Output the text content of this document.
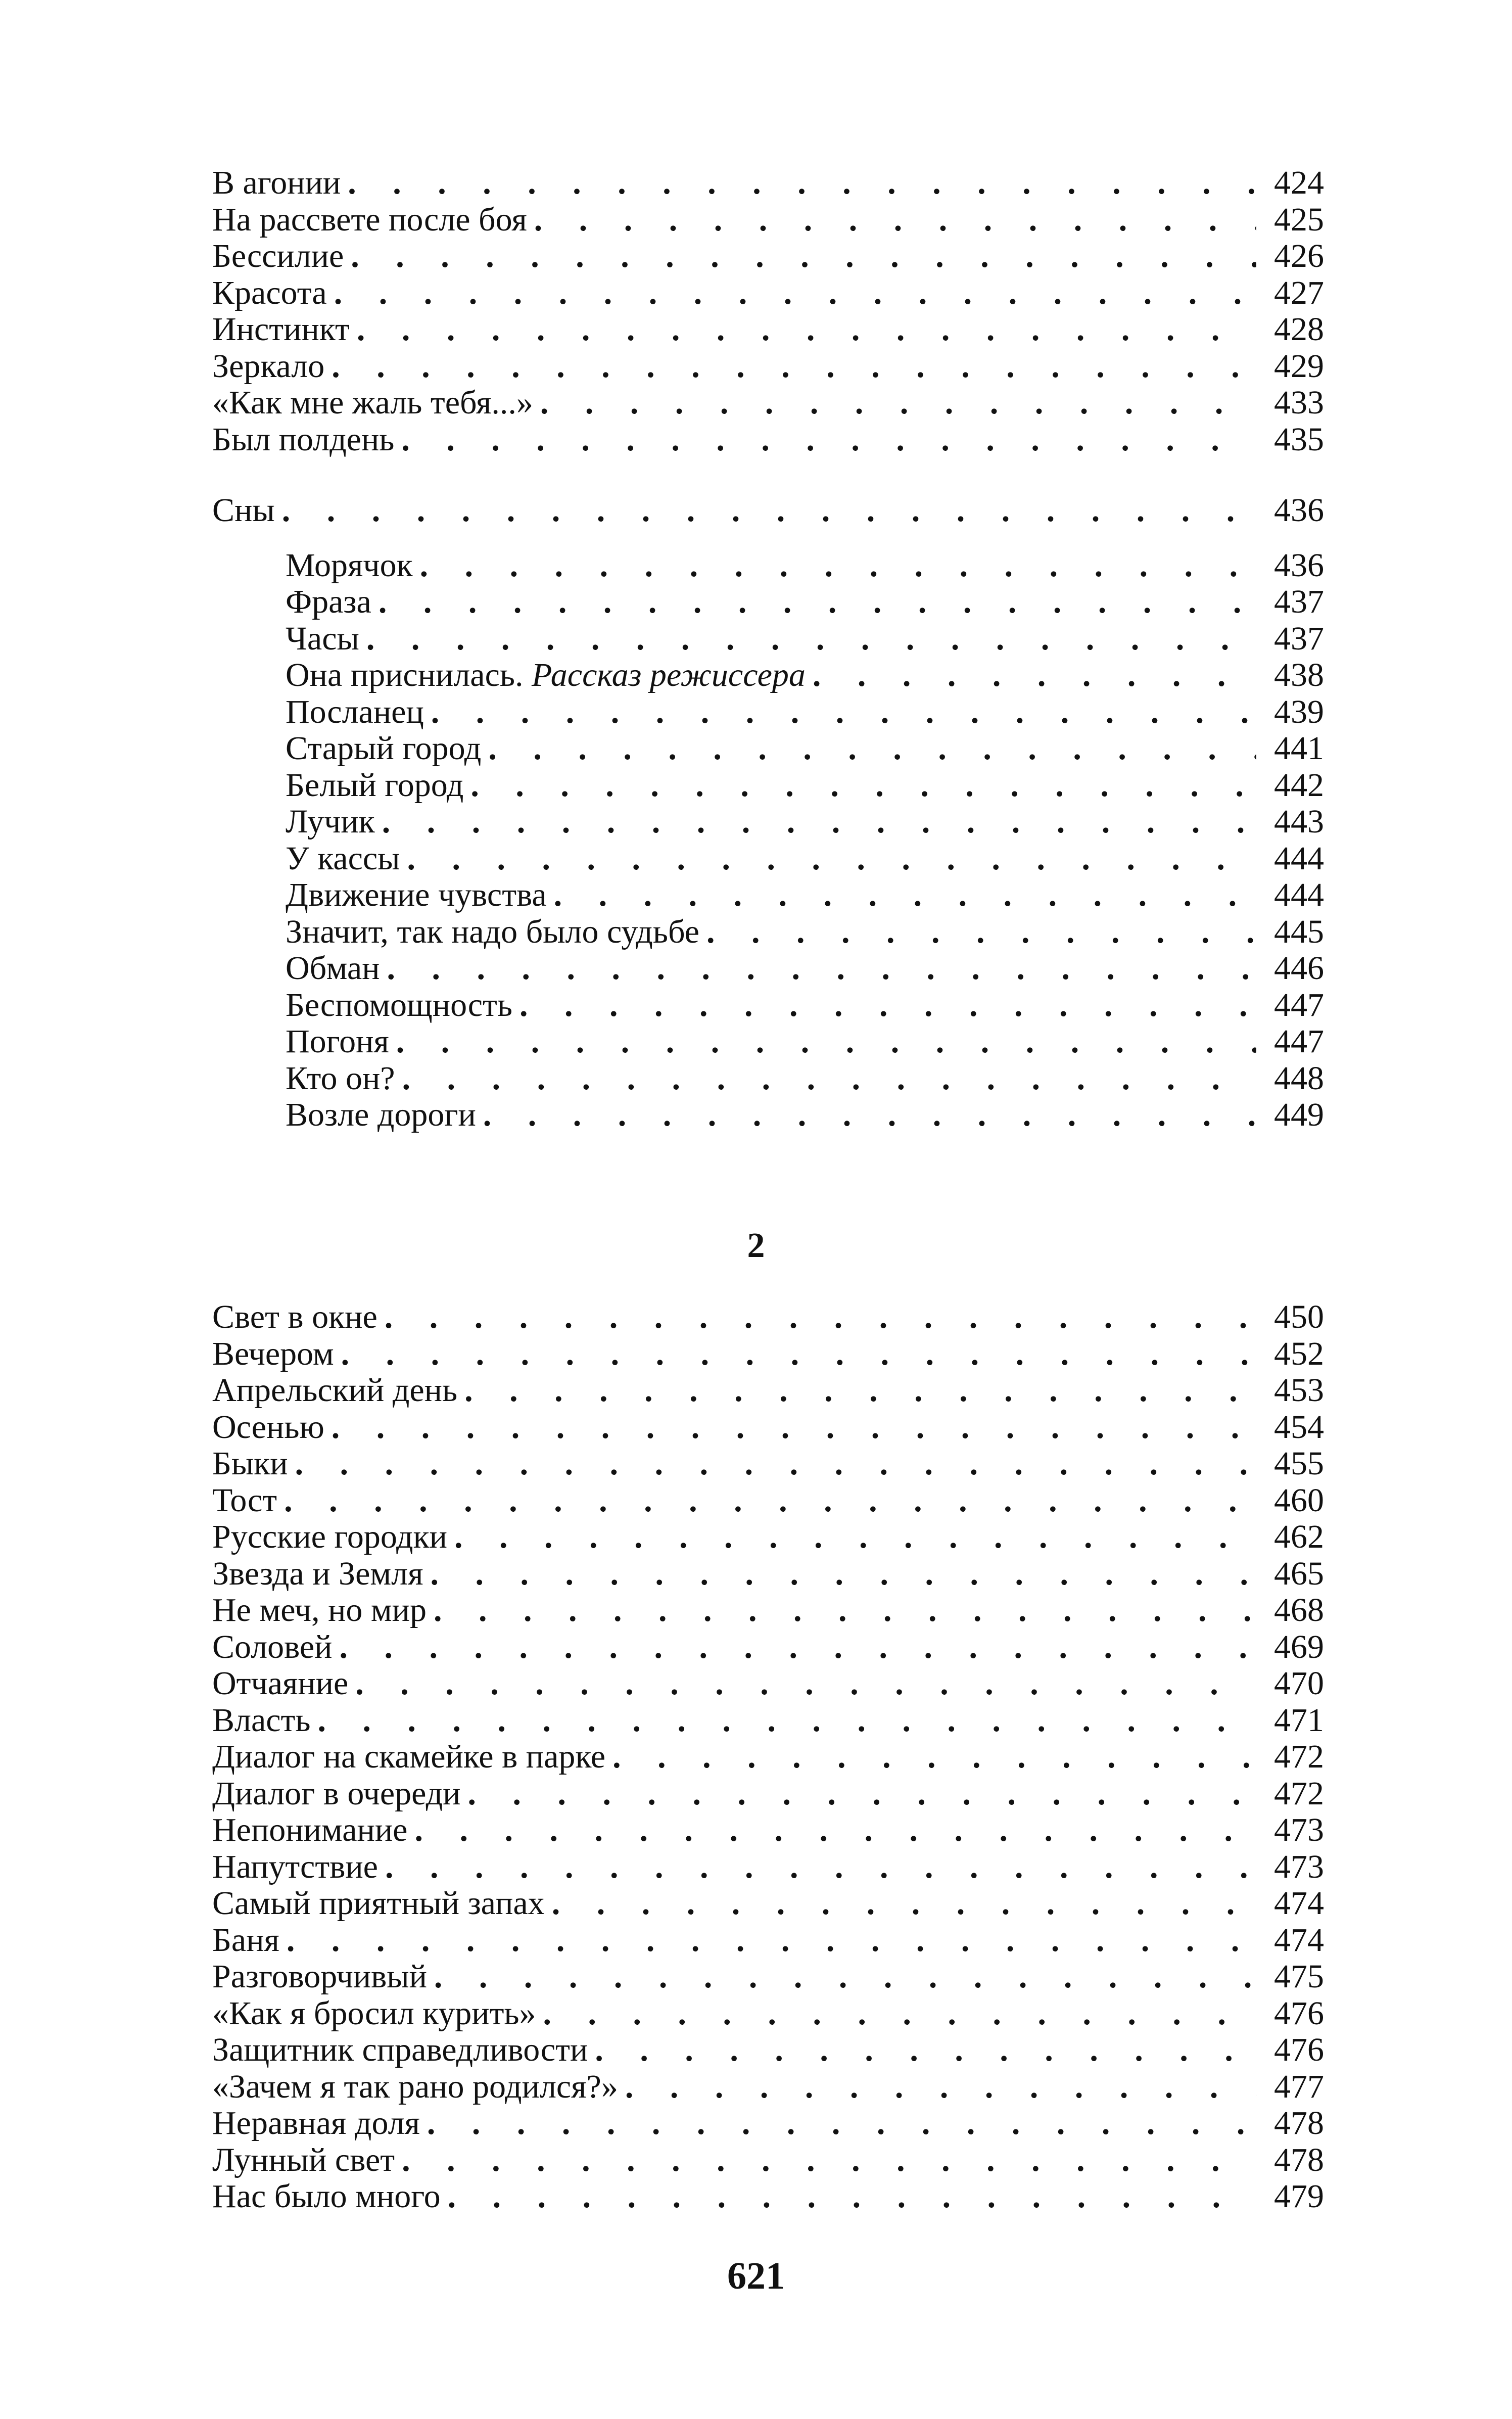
В агонии . . .	424
На рассвете после боя . . .	425
Бессилие . . .	426
Красота . . .	427
Инстинкт . . .	428
Зеркало . . .	429
«Как мне жаль тебя...» . . .	433
Был полдень . . .	435
Сны . . .	436
Морячок . . .	436
Фраза . . .	437
Часы . . .	437
Она приснилась. Рассказ режиссера . . .	438
Посланец . . .	439
Старый город . . .	441
Белый город . . .	442
Лучик . . .	443
У кассы . . .	444
Движение чувства . . .	444
Значит, так надо было судьбе . . .	445
Обман . . .	446
Беспомощность . . .	447
Погоня . . .	447
Кто он? . . .	448
Возле дороги . . .	449
2
Свет в окне . . .	450
Вечером . . .	452
Апрельский день . . .	453
Осенью . . .	454
Быки . . .	455
Тост . . .	460
Русские городки . . .	462
Звезда и Земля . . .	465
Не меч, но мир . . .	468
Соловей . . .	469
Отчаяние . . .	470
Власть . . .	471
Диалог на скамейке в парке . . .	472
Диалог в очереди . . .	472
Непонимание . . .	473
Напутствие . . .	473
Самый приятный запах . . .	474
Баня . . .	474
Разговорчивый . . .	475
«Как я бросил курить» . . .	476
Защитник справедливости . . .	476
«Зачем я так рано родился?» . . .	477
Неравная доля . . .	478
Лунный свет . . .	478
Нас было много . . .	479
621
